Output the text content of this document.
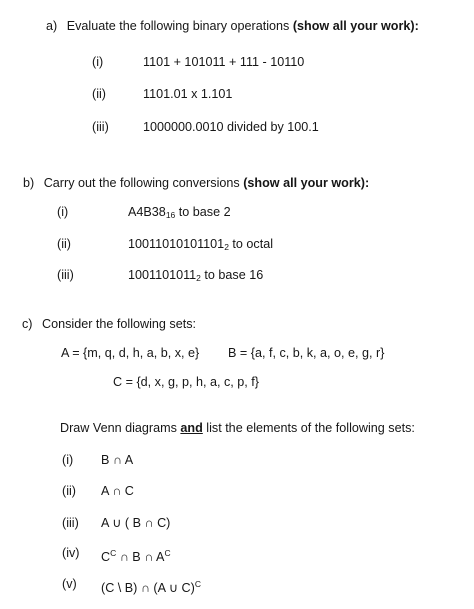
a) Evaluate the following binary operations (show all your work):
(i)	1101 + 101011 + 111 - 10110
(ii)	1101.01 x 1.101
(iii)	1000000.0010 divided by 100.1
b) Carry out the following conversions (show all your work):
(i)	$A4B38_{16}$ to base 2
(ii)	$10011010101101_2$ to octal
(iii)	$1001101011_2$ to base 16
c) Consider the following sets:
A = {m, q, d, h, a, b, x, e} B = {a, f, c, b, k, a, o, e, g, r}
C = {d, x, g, p, h, a, c, p, f}
Draw Venn diagrams and list the elements of the following sets:
(i) B ∩ A
(ii) A ∩ C
(iii) A ∪ ( B ∩ C)
(iv) $C^C$ ∩ B ∩ $A^C$
(v) (C \ B) ∩ (A ∪ C)$^C$
